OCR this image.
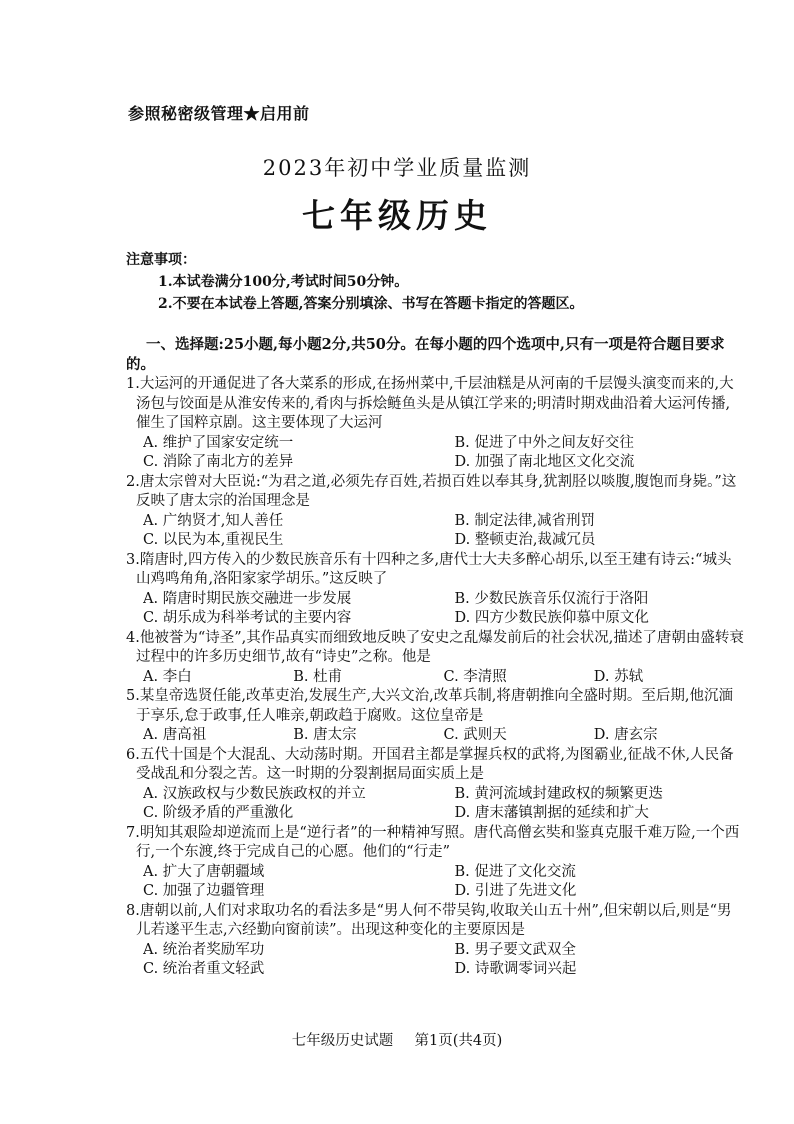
参照秘密级管理★启用前
2023年初中学业质量监测
七年级历史
注意事项：
1.本试卷满分100分,考试时间50分钟。
2.不要在本试卷上答题,答案分别填涂、书写在答题卡指定的答题区。
一、选择题:25小题,每小题2分,共50分。在每小题的四个选项中,只有一项是符合题目要求的。
1.大运河的开通促进了各大菜系的形成,在扬州菜中,千层油糕是从河南的千层馒头演变而来的,大汤包与饺面是从淮安传来的,肴肉与拆烩鲢鱼头是从镇江学来的;明清时期戏曲沿着大运河传播,催生了国粹京剧。这主要体现了大运河
A. 维护了国家安定统一	B. 促进了中外之间友好交往
C. 消除了南北方的差异	D. 加强了南北地区文化交流
2.唐太宗曾对大臣说:“为君之道,必须先存百姓,若损百姓以奉其身,犹割胫以啖腹,腹饱而身毙。”这反映了唐太宗的治国理念是
A. 广纳贤才,知人善任	B. 制定法律,减省刑罚
C. 以民为本,重视民生	D. 整顿吏治,裁减冗员
3.隋唐时,四方传入的少数民族音乐有十四种之多,唐代士大夫多醉心胡乐,以至王建有诗云:“城头山鸡鸣角角,洛阳家家学胡乐。”这反映了
A. 隋唐时期民族交融进一步发展	B. 少数民族音乐仅流行于洛阳
C. 胡乐成为科举考试的主要内容	D. 四方少数民族仰慕中原文化
4.他被誉为“诗圣”,其作品真实而细致地反映了安史之乱爆发前后的社会状况,描述了唐朝由盛转衰过程中的许多历史细节,故有“诗史”之称。他是
A. 李白	B. 杜甫	C. 李清照	D. 苏轼
5.某皇帝选贤任能,改革吏治,发展生产,大兴文治,改革兵制,将唐朝推向全盛时期。至后期,他沉湎于享乐,怠于政事,任人唯亲,朝政趋于腐败。这位皇帝是
A. 唐高祖	B. 唐太宗	C. 武则天	D. 唐玄宗
6.五代十国是个大混乱、大动荡时期。开国君主都是掌握兵权的武将,为图霸业,征战不休,人民备受战乱和分裂之苦。这一时期的分裂割据局面实质上是
A. 汉族政权与少数民族政权的并立	B. 黄河流域封建政权的频繁更迭
C. 阶级矛盾的严重激化	D. 唐末藩镇割据的延续和扩大
7.明知其艰险却逆流而上是“逆行者”的一种精神写照。唐代高僧玄奘和鉴真克服千难万险,一个西行,一个东渡,终于完成自己的心愿。他们的“行走”
A. 扩大了唐朝疆域	B. 促进了文化交流
C. 加强了边疆管理	D. 引进了先进文化
8.唐朝以前,人们对求取功名的看法多是“男人何不带吴钩,收取关山五十州”,但宋朝以后,则是“男儿若遂平生志,六经勤向窗前读”。出现这种变化的主要原因是
A. 统治者奖励军功	B. 男子要文武双全
C. 统治者重文轻武	D. 诗歌调零词兴起
七年级历史试题 第1页(共4页)
